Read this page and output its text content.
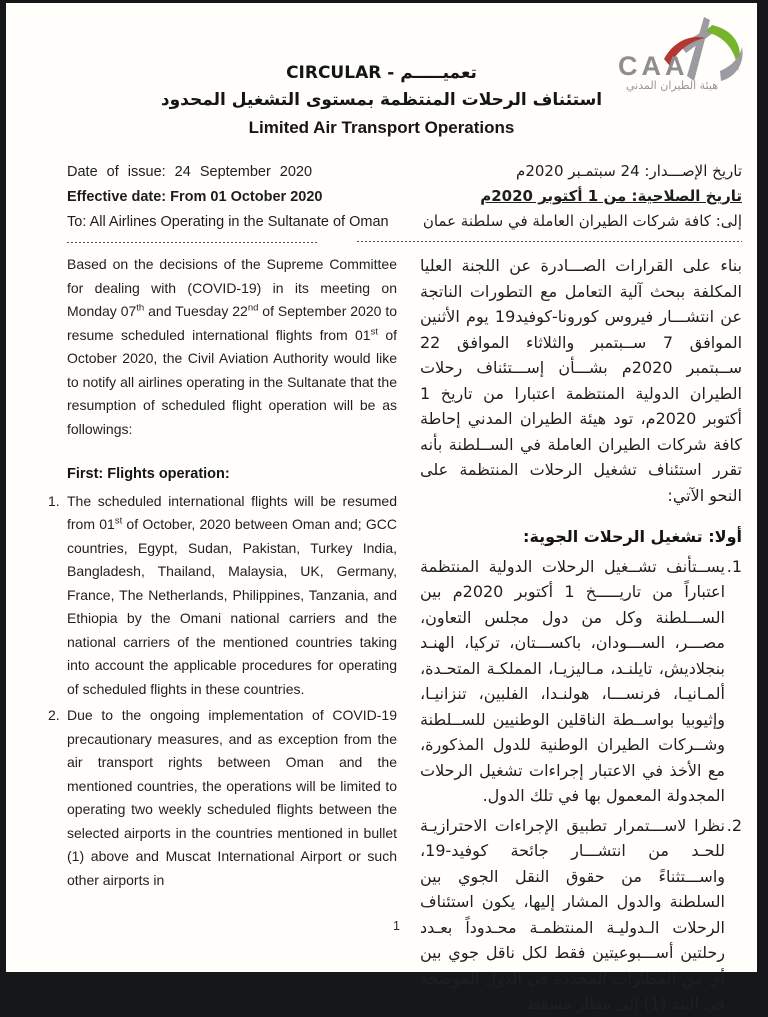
CAA
هيئة الطيران المدني
تعميـــــم - CIRCULAR
استئناف الرحلات المنتظمة بمستوى التشغيل المحدود
Limited Air Transport Operations
Date of issue: 24 September 2020
Effective date: From 01 October 2020
To: All Airlines Operating in the Sultanate of Oman
تاريخ الإصـــدار: 24 سبتمـبر 2020م
تاريخ الصلاحية: من 1 أكتوبر 2020م
إلى: كافة شركات الطيران العاملة في سلطنة عمان

Based on the decisions of the Supreme Committee for dealing with (COVID-19) in its meeting on Monday 07th and Tuesday 22nd of September 2020 to resume scheduled international flights from 01st of October 2020, the Civil Aviation Authority would like to notify all airlines operating in the Sultanate that the resumption of scheduled flight operation will be as followings:

First: Flights operation:
1. The scheduled international flights will be resumed from 01st of October, 2020 between Oman and; GCC countries, Egypt, Sudan, Pakistan, Turkey India, Bangladesh, Thailand, Malaysia, UK, Germany, France, The Netherlands, Philippines, Tanzania, and Ethiopia by the Omani national carriers and the national carriers of the mentioned countries taking into account the applicable procedures for operating of scheduled flights in these countries.
2. Due to the ongoing implementation of COVID-19 precautionary measures, and as exception from the air transport rights between Oman and the mentioned countries, the operations will be limited to operating two weekly scheduled flights between the selected airports in the countries mentioned in bullet (1) above and Muscat International Airport or such other airports in

بناء على القرارات الصـــادرة عن اللجنة العليا المكلفة ببحث آلية التعامل مع التطورات الناتجة عن انتشـــار فيروس كورونا-كوفيد19 يوم الأثنين الموافق 7 ســبتمبر والثلاثاء الموافق 22 ســبتمبر 2020م بشـــأن إســـتئناف رحلات الطيران الدولية المنتظمة اعتبارا من تاريخ 1 أكتوبر 2020م، تود هيئة الطيران المدني إحاطة كافة شركات الطيران العاملة في الســلطنة بأنه تقرر استئناف تشغيل الرحلات المنتظمة على النحو الآتي:

أولا: تشغيل الرحلات الجوية:
1.
يســتأنف تشــغيل الرحلات الدولية المنتظمة اعتباراً من تاريـــــخ 1 أكتوبر 2020م بين الســـلطنة وكل من دول مجلس التعاون، مصـــر، الســـودان، باكســـتان، تركيا، الهنـد بنجلاديش، تايلنـد، مـاليزيـا، المملكـة المتحـدة، ألمـانيـا، فرنســـا، هولنـدا، الفلبين، تنزانيـا، وإثيوبيا بواســطة الناقلين الوطنيين للســلطنة وشــركات الطيران الوطنية للدول المذكورة، مع الأخذ في الاعتبار إجراءات تشغيل الرحلات المجدولة المعمول بها في تلك الدول.
2.
نظرا لاســـتمرار تطبيق الإجراءات الاحترازيـة للحـد من انتشـــار جائحة كوفيد-19، واســـتثناءً من حقوق النقل الجوي بين السلطنة والدول المشار إليها، يكون استئناف الرحلات الـدوليـة المنتظمـة محـدوداً بعـدد رحلتين أســـبوعيتين فقط لكل ناقل جوي بين أي من المطارات المحددة في الدول الموضحة في البند (1) إلى مطار مسقط
1
